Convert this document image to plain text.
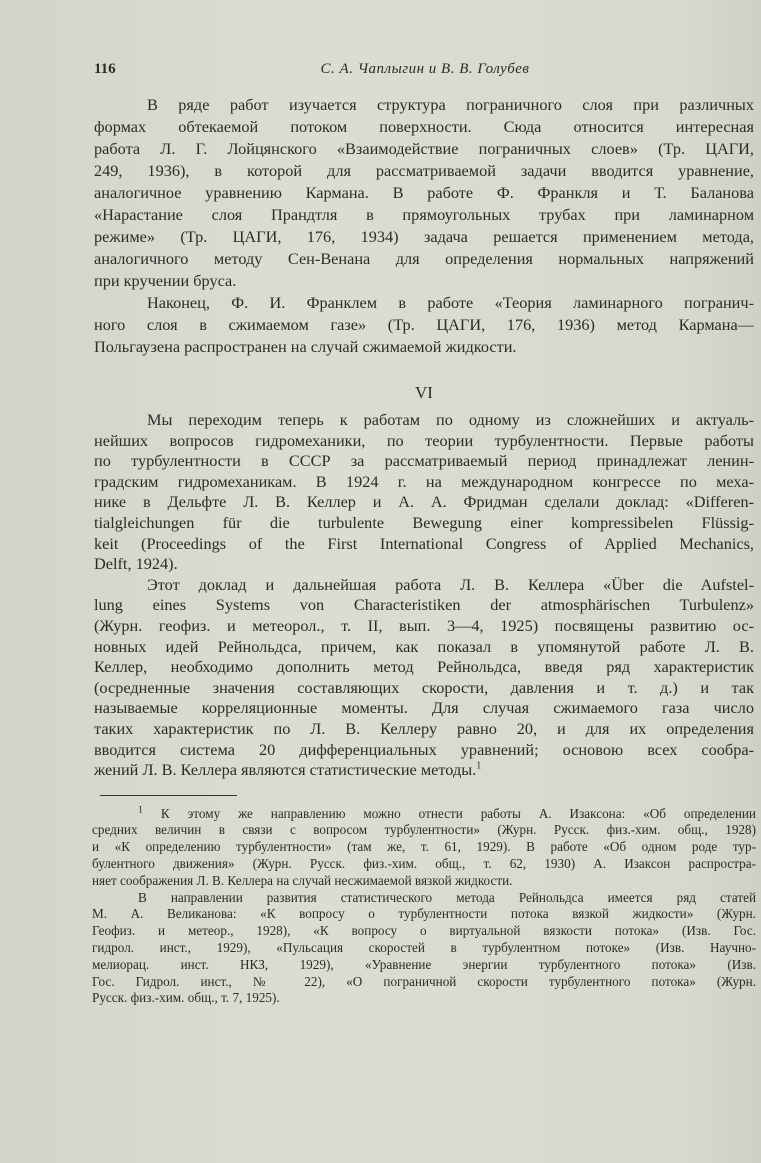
116	С. А. Чаплыгин и В. В. Голубев
В ряде работ изучается структура пограничного слоя при различных
формах обтекаемой потоком поверхности. Сюда относится интересная
работа Л. Г. Лойцянского «Взаимодействие пограничных слоев» (Тр. ЦАГИ,
249, 1936), в которой для рассматриваемой задачи вводится уравнение,
аналогичное уравнению Кармана. В работе Ф. Франкля и Т. Баланова
«Нарастание слоя Прандтля в прямоугольных трубах при ламинарном
режиме» (Тр. ЦАГИ, 176, 1934) задача решается применением метода,
аналогичного методу Сен-Венана для определения нормальных напряжений
при кручении бруса.
Наконец, Ф. И. Франклем в работе «Теория ламинарного погранич-
ного слоя в сжимаемом газе» (Тр. ЦАГИ, 176, 1936) метод Кармана—
Польгаузена распространен на случай сжимаемой жидкости.
VI
Мы переходим теперь к работам по одному из сложнейших и актуаль-
нейших вопросов гидромеханики, по теории турбулентности. Первые работы
по турбулентности в СССР за рассматриваемый период принадлежат ленин-
градским гидромеханикам. В 1924 г. на международном конгрессе по меха-
нике в Дельфте Л. В. Келлер и А. А. Фридман сделали доклад: «Differen-
tialgleichungen für die turbulente Bewegung einer kompressibelen Flüssig-
keit (Proceedings of the First International Congress of Applied Mechanics,
Delft, 1924).
Этот доклад и дальнейшая работа Л. В. Келлера «Über die Aufstel-
lung eines Systems von Characteristiken der atmosphärischen Turbulenz»
(Журн. геофиз. и метеорол., т. II, вып. 3—4, 1925) посвящены развитию ос-
новных идей Рейнольдса, причем, как показал в упомянутой работе Л. В.
Келлер, необходимо дополнить метод Рейнольдса, введя ряд характеристик
(осредненные значения составляющих скорости, давления и т. д.) и так
называемые корреляционные моменты. Для случая сжимаемого газа число
таких характеристик по Л. В. Келлеру равно 20, и для их определения
вводится система 20 дифференциальных уравнений; основою всех сообра-
жений Л. В. Келлера являются статистические методы.$^1$
$^1$ К этому же направлению можно отнести работы А. Изаксона: «Об определении
средних величин в связи с вопросом турбулентности» (Журн. Русск. физ.-хим. общ., 1928)
и «К определению турбулентности» (там же, т. 61, 1929). В работе «Об одном роде тур-
булентного движения» (Журн. Русск. физ.-хим. общ., т. 62, 1930) А. Изаксон распростра-
няет соображения Л. В. Келлера на случай несжимаемой вязкой жидкости.
В направлении развития статистического метода Рейнольдса имеется ряд статей
М. А. Великанова: «К вопросу о турбулентности потока вязкой жидкости» (Журн.
Геофиз. и метеор., 1928), «К вопросу о виртуальной вязкости потока» (Изв. Гос.
гидрол. инст., 1929), «Пульсация скоростей в турбулентном потоке» (Изв. Научно-
мелиорац. инст. НКЗ, 1929), «Уравнение энергии турбулентного потока» (Изв.
Гос. Гидрол. инст., № 22), «О пограничной скорости турбулентного потока» (Журн.
Русск. физ.-хим. общ., т. 7, 1925).
